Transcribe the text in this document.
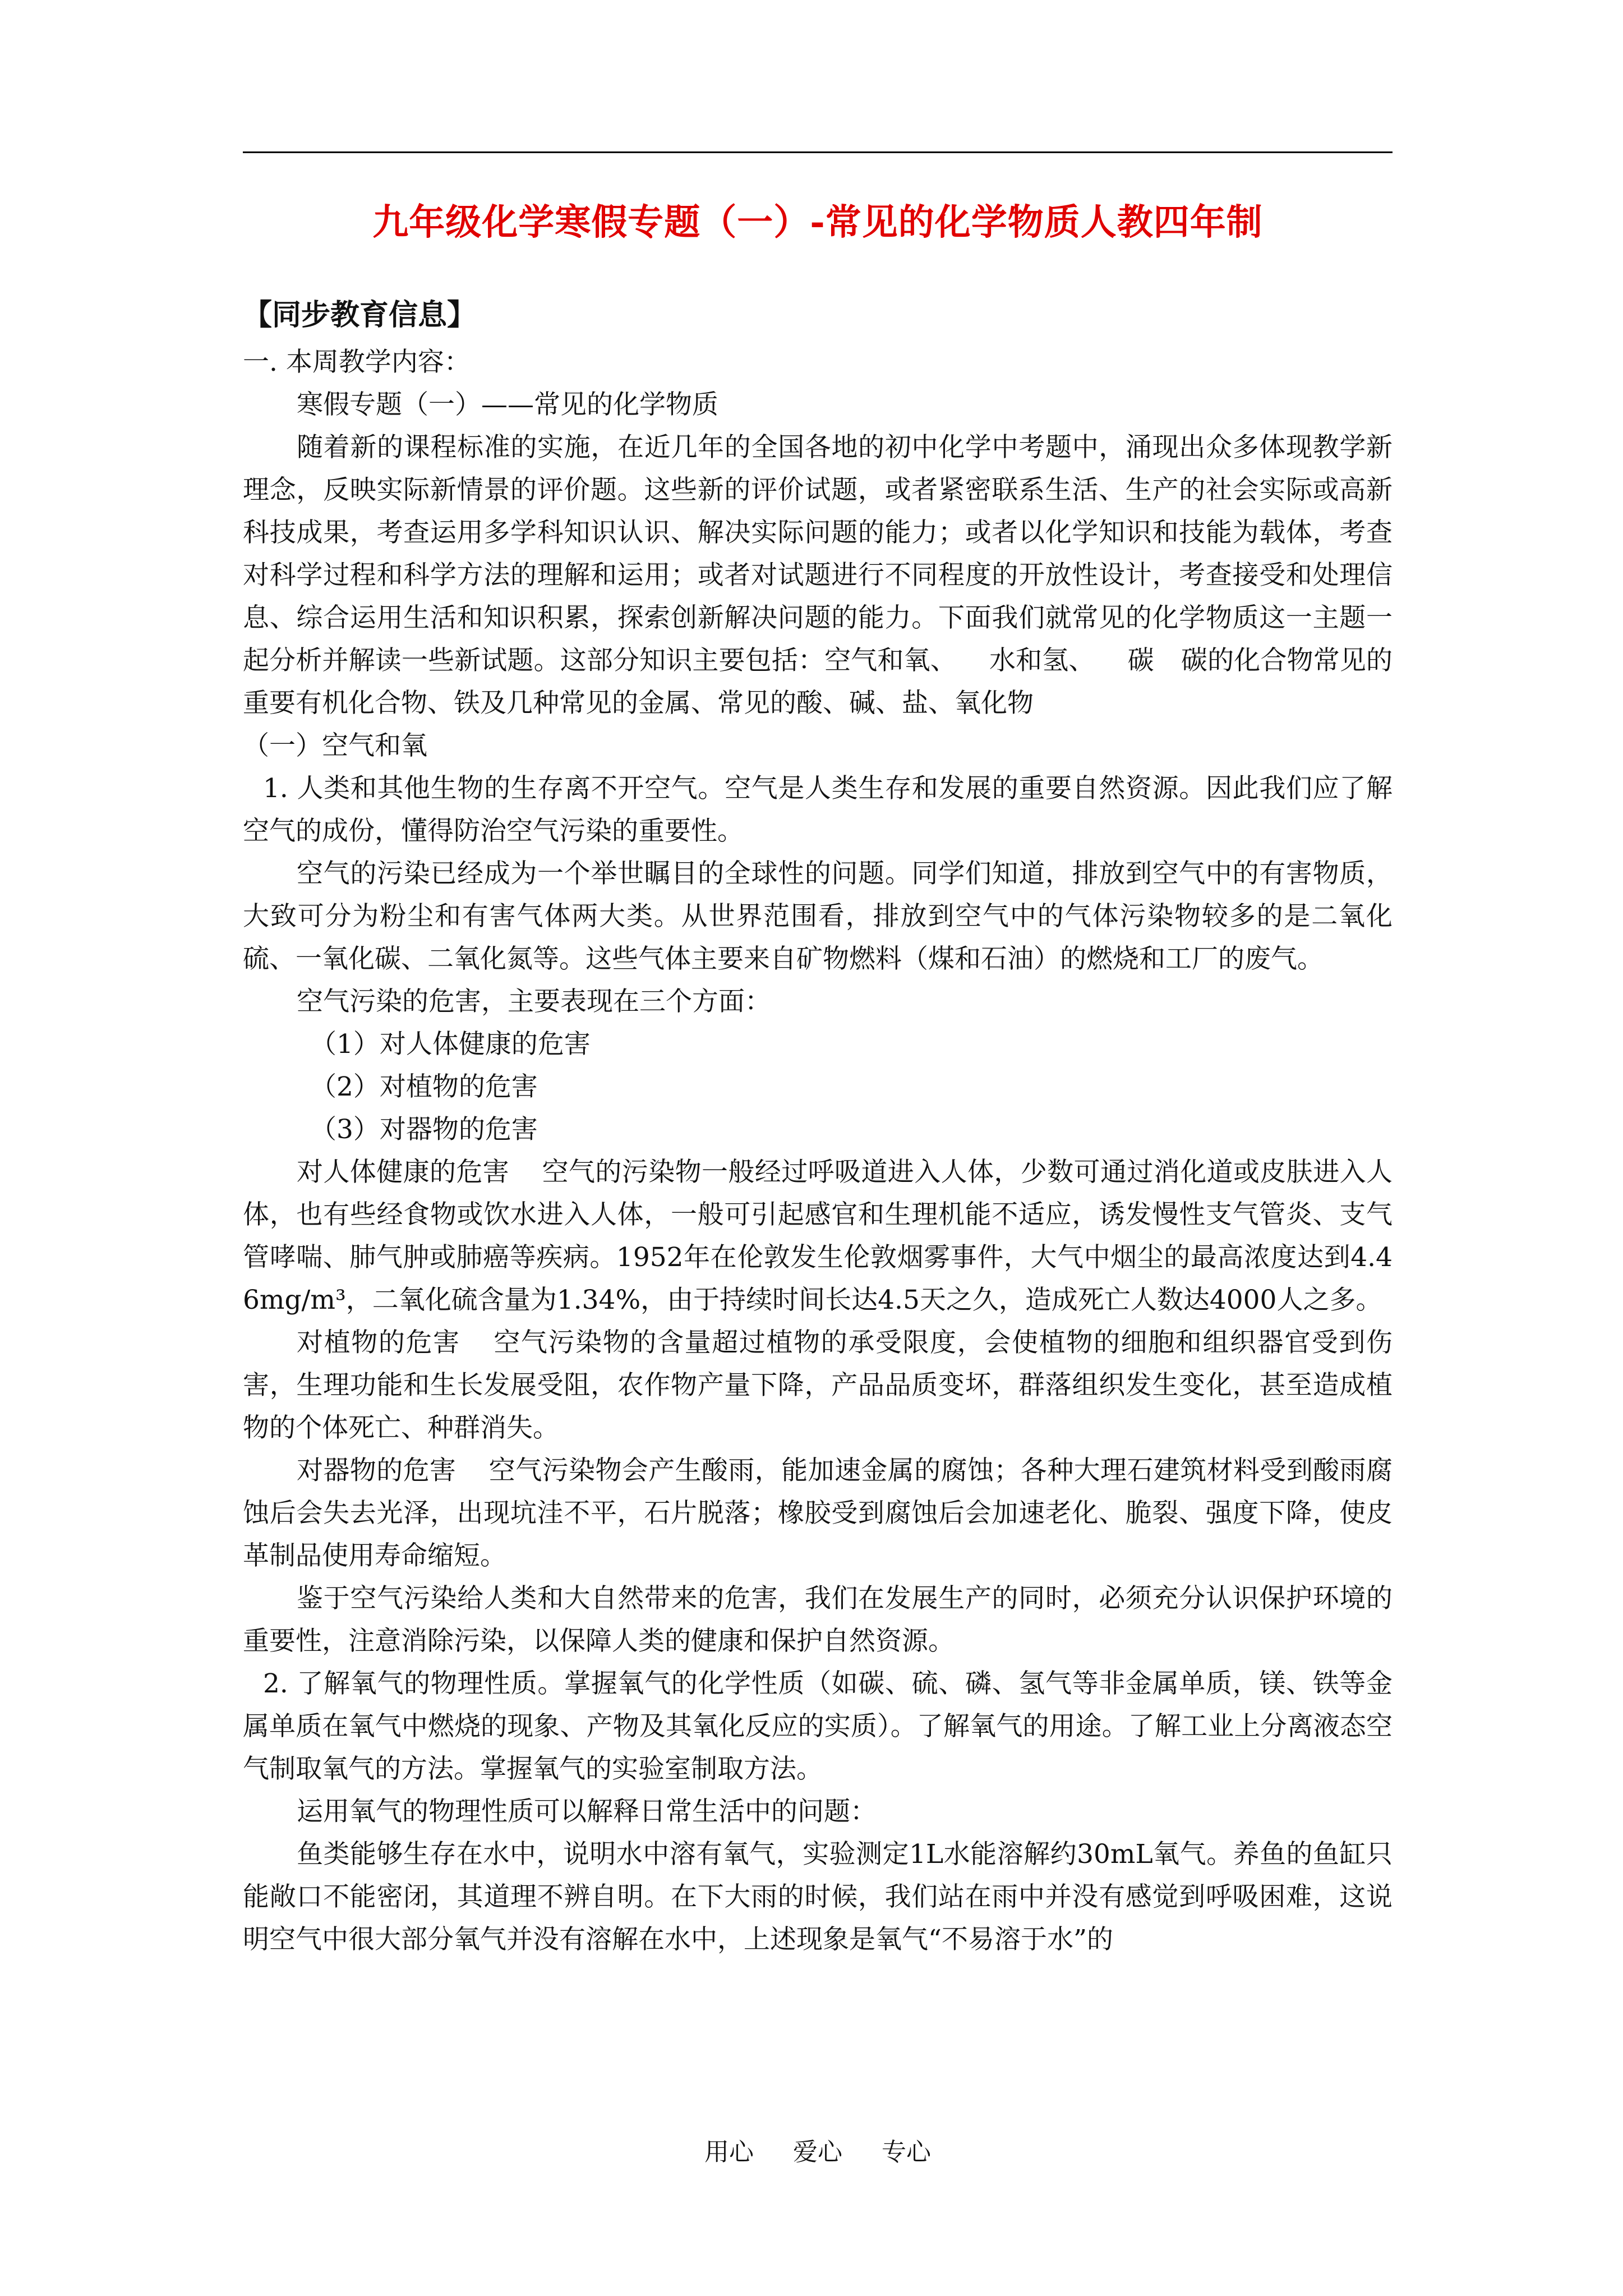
九年级化学寒假专题（一）-常见的化学物质人教四年制
【同步教育信息】

一. 本周教学内容：

寒假专题（一）——常见的化学物质

随着新的课程标准的实施，在近几年的全国各地的初中化学中考题中，涌现出众多体现教学新理念，反映实际新情景的评价题。这些新的评价试题，或者紧密联系生活、生产的社会实际或高新科技成果，考查运用多学科知识认识、解决实际问题的能力；或者以化学知识和技能为载体，考查对科学过程和科学方法的理解和运用；或者对试题进行不同程度的开放性设计，考查接受和处理信息、综合运用生活和知识积累，探索创新解决问题的能力。下面我们就常见的化学物质这一主题一起分析并解读一些新试题。这部分知识主要包括：空气和氧、 水和氢、 碳 碳的化合物常见的重要有机化合物、铁及几种常见的金属、常见的酸、碱、盐、氧化物

（一）空气和氧

1. 人类和其他生物的生存离不开空气。空气是人类生存和发展的重要自然资源。因此我们应了解空气的成份，懂得防治空气污染的重要性。

空气的污染已经成为一个举世瞩目的全球性的问题。同学们知道，排放到空气中的有害物质，大致可分为粉尘和有害气体两大类。从世界范围看，排放到空气中的气体污染物较多的是二氧化硫、一氧化碳、二氧化氮等。这些气体主要来自矿物燃料（煤和石油）的燃烧和工厂的废气。

空气污染的危害，主要表现在三个方面：

（1）对人体健康的危害

（2）对植物的危害

（3）对器物的危害

对人体健康的危害 空气的污染物一般经过呼吸道进入人体，少数可通过消化道或皮肤进入人体，也有些经食物或饮水进入人体，一般可引起感官和生理机能不适应，诱发慢性支气管炎、支气管哮喘、肺气肿或肺癌等疾病。1952年在伦敦发生伦敦烟雾事件，大气中烟尘的最高浓度达到4.46mg/m³，二氧化硫含量为1.34%，由于持续时间长达4.5天之久，造成死亡人数达4000人之多。

对植物的危害 空气污染物的含量超过植物的承受限度，会使植物的细胞和组织器官受到伤害，生理功能和生长发展受阻，农作物产量下降，产品品质变坏，群落组织发生变化，甚至造成植物的个体死亡、种群消失。

对器物的危害 空气污染物会产生酸雨，能加速金属的腐蚀；各种大理石建筑材料受到酸雨腐蚀后会失去光泽，出现坑洼不平，石片脱落；橡胶受到腐蚀后会加速老化、脆裂、强度下降，使皮革制品使用寿命缩短。

鉴于空气污染给人类和大自然带来的危害，我们在发展生产的同时，必须充分认识保护环境的重要性，注意消除污染，以保障人类的健康和保护自然资源。

2. 了解氧气的物理性质。掌握氧气的化学性质（如碳、硫、磷、氢气等非金属单质，镁、铁等金属单质在氧气中燃烧的现象、产物及其氧化反应的实质）。了解氧气的用途。了解工业上分离液态空气制取氧气的方法。掌握氧气的实验室制取方法。

运用氧气的物理性质可以解释日常生活中的问题：

鱼类能够生存在水中，说明水中溶有氧气，实验测定1L水能溶解约30mL氧气。养鱼的鱼缸只能敞口不能密闭，其道理不辨自明。在下大雨的时候，我们站在雨中并没有感觉到呼吸困难，这说明空气中很大部分氧气并没有溶解在水中，上述现象是氧气“不易溶于水”的

用心 爱心 专心
